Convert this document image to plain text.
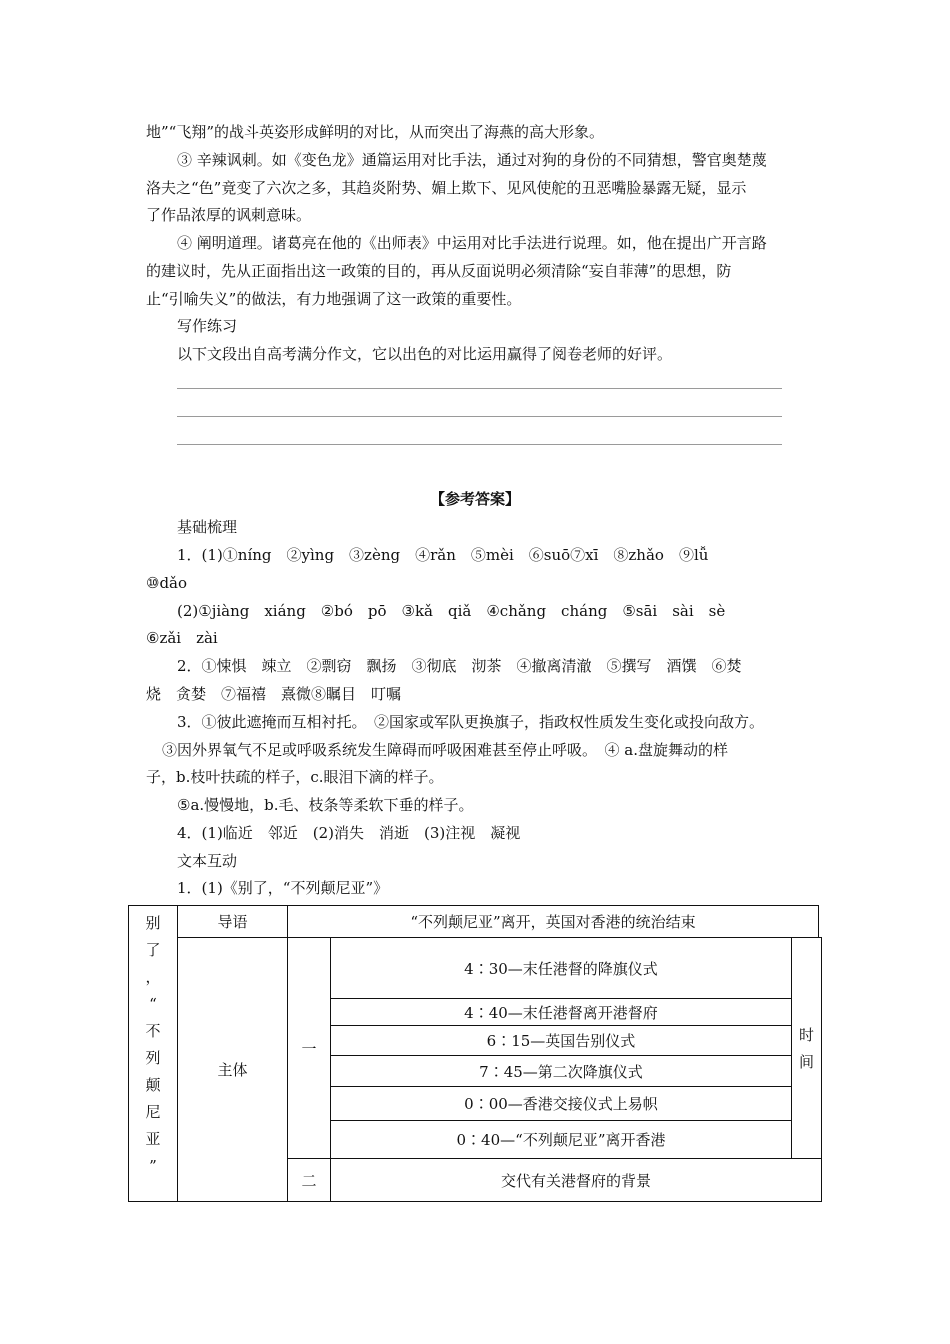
地”“飞翔”的战斗英姿形成鲜明的对比，从而突出了海燕的高大形象。
③ 辛辣讽刺。如《变色龙》通篇运用对比手法，通过对狗的身份的不同猜想，警官奥楚蔑
洛夫之“色”竟变了六次之多，其趋炎附势、媚上欺下、见风使舵的丑恶嘴脸暴露无疑，显示
了作品浓厚的讽刺意味。
④ 阐明道理。诸葛亮在他的《出师表》中运用对比手法进行说理。如，他在提出广开言路
的建议时，先从正面指出这一政策的目的，再从反面说明必须清除“妄自菲薄”的思想，防
止“引喻失义”的做法，有力地强调了这一政策的重要性。
写作练习
以下文段出自高考满分作文，它以出色的对比运用赢得了阅卷老师的好评。
【参考答案】
基础梳理
1．(1)①níng　②yìng　③zèng　④rǎn　⑤mèi　⑥suō⑦xī　⑧zhǎo　⑨lǚ
⑩dǎo
(2)①jiàng　xiáng　②bó　pō　③kǎ　qiǎ　④chǎng　cháng　⑤sāi　sài　sè
⑥zǎi　zài
2．①悚惧　竦立　②剽窃　飘扬　③彻底　沏茶　④撤离清澈　⑤撰写　酒馔　⑥焚
烧　贪婪　⑦福禧　熹微⑧瞩目　叮嘱
3．①彼此遮掩而互相衬托。　②国家或军队更换旗子，指政权性质发生变化或投向敌方。
③因外界氧气不足或呼吸系统发生障碍而呼吸困难甚至停止呼吸。　④ a.盘旋舞动的样
子，b.枝叶扶疏的样子，c.眼泪下滴的样子。
⑤a.慢慢地，b.毛、枝条等柔软下垂的样子。
4．(1)临近　邻近　(2)消失　消逝　(3)注视　凝视
文本互动
1．(1)《别了，“不列颠尼亚”》
别
了
，
“
不
列
颠
尼
亚
”
导语	“不列颠尼亚”离开，英国对香港的统治结束
主体
一
4∶30—末任港督的降旗仪式
4∶40—末任港督离开港督府
6∶15—英国告别仪式
7∶45—第二次降旗仪式
0∶00—香港交接仪式上易帜
0∶40—“不列颠尼亚”离开香港
时
间
二	交代有关港督府的背景
